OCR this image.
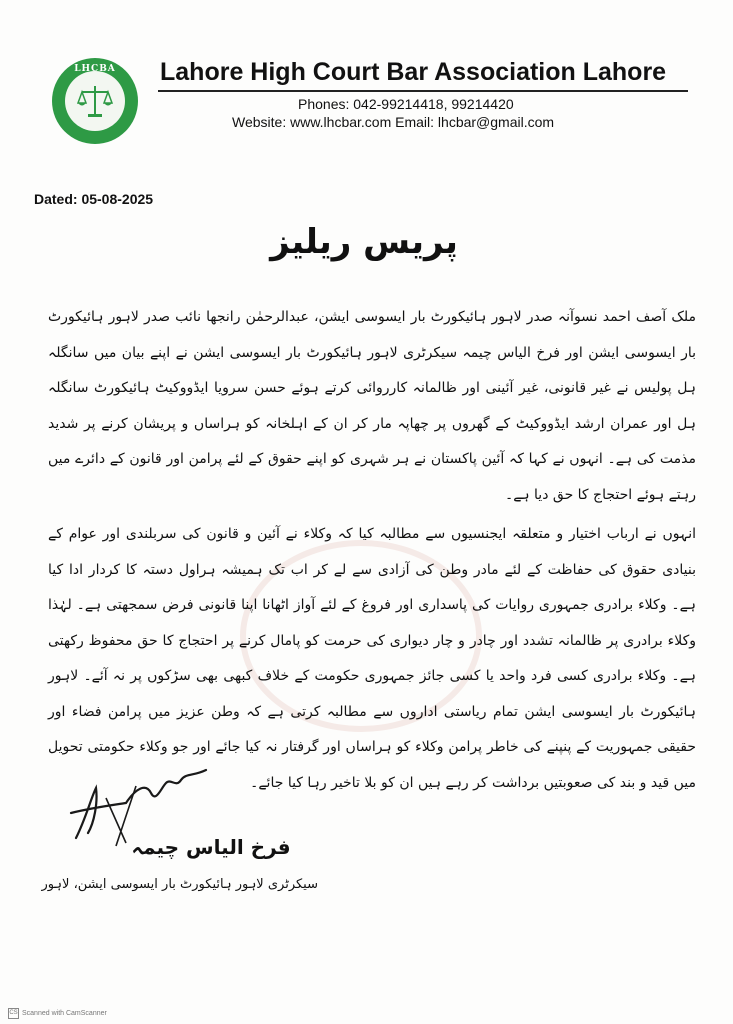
LHCBA	Lahore High Court Bar Association Lahore
Phones: 042-99214418, 99214420
Website: www.lhcbar.com Email: lhcbar@gmail.com
Dated: 05-08-2025
پریس ریلیز

ملک آصف احمد نسوآنہ صدر لاہور ہائیکورٹ بار ایسوسی ایشن، عبدالرحمٰن رانجھا نائب صدر لاہور ہائیکورٹ بار ایسوسی ایشن اور فرخ الیاس چیمہ سیکرٹری لاہور ہائیکورٹ بار ایسوسی ایشن نے اپنے بیان میں سانگلہ ہل پولیس نے غیر قانونی، غیر آئینی اور ظالمانہ کارروائی کرتے ہوئے حسن سرویا ایڈووکیٹ ہائیکورٹ سانگلہ ہل اور عمران ارشد ایڈووکیٹ کے گھروں پر چھاپہ مار کر ان کے اہلخانہ کو ہراساں و پریشان کرنے پر شدید مذمت کی ہے۔ انہوں نے کہا کہ آئین پاکستان نے ہر شہری کو اپنے حقوق کے لئے پرامن اور قانون کے دائرے میں رہتے ہوئے احتجاج کا حق دیا ہے۔

انہوں نے ارباب اختیار و متعلقہ ایجنسیوں سے مطالبہ کیا کہ وکلاء نے آئین و قانون کی سربلندی اور عوام کے بنیادی حقوق کی حفاظت کے لئے مادر وطن کی آزادی سے لے کر اب تک ہمیشہ ہراول دستہ کا کردار ادا کیا ہے۔ وکلاء برادری جمہوری روایات کی پاسداری اور فروغ کے لئے آواز اٹھانا اپنا قانونی فرض سمجھتی ہے۔ لہٰذا وکلاء برادری پر ظالمانہ تشدد اور چادر و چار دیواری کی حرمت کو پامال کرنے پر احتجاج کا حق محفوظ رکھتی ہے۔ وکلاء برادری کسی فرد واحد یا کسی جائز جمہوری حکومت کے خلاف کبھی بھی سڑکوں پر نہ آئے۔ لاہور ہائیکورٹ بار ایسوسی ایشن تمام ریاستی اداروں سے مطالبہ کرتی ہے کہ وطن عزیز میں پرامن فضاء اور حقیقی جمہوریت کے پنپنے کی خاطر پرامن وکلاء کو ہراساں اور گرفتار نہ کیا جائے اور جو وکلاء حکومتی تحویل میں قید و بند کی صعوبتیں برداشت کر رہے ہیں ان کو بلا تاخیر رہا کیا جائے۔

فرخ الیاس چیمہ
سیکرٹری لاہور ہائیکورٹ بار ایسوسی ایشن، لاہور
CS Scanned with CamScanner
